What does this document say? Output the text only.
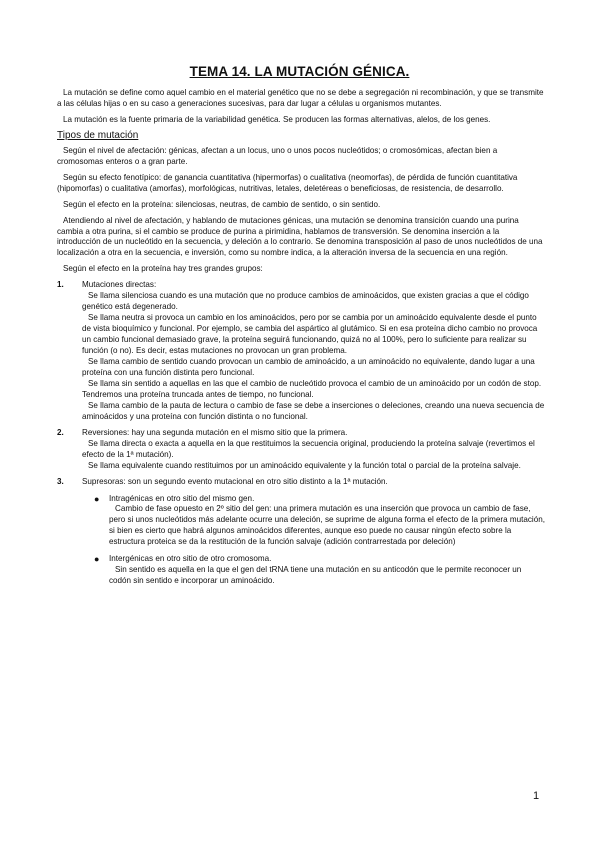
TEMA 14. LA MUTACIÓN GÉNICA.

La mutación se define como aquel cambio en el material genético que no se debe a segregación ni recombinación, y que se transmite a las células hijas o en su caso a generaciones sucesivas, para dar lugar a células u organismos mutantes.

La mutación es la fuente primaria de la variabilidad genética. Se producen las formas alternativas, alelos, de los genes.

Tipos de mutación

Según el nivel de afectación: génicas, afectan a un locus, uno o unos pocos nucleótidos; o cromosómicas, afectan bien a cromosomas enteros o a gran parte.

Según su efecto fenotípico: de ganancia cuantitativa (hipermorfas) o cualitativa (neomorfas), de pérdida de función cuantitativa (hipomorfas) o cualitativa (amorfas), morfológicas, nutritivas, letales, deletéreas o beneficiosas, de resistencia, de desarrollo.

Según el efecto en la proteína: silenciosas, neutras, de cambio de sentido, o sin sentido.

Atendiendo al nivel de afectación, y hablando de mutaciones génicas, una mutación se denomina transición cuando una purina cambia a otra purina, si el cambio se produce de purina a pirimidina, hablamos de transversión. Se denomina inserción a la introducción de un nucleótido en la secuencia, y deleción a lo contrario. Se denomina transposición al paso de unos nucleótidos de una localización a otra en la secuencia, e inversión, como su nombre indica, a la alteración inversa de la secuencia en una región.

Según el efecto en la proteína hay tres grandes grupos:

1. Mutaciones directas:
Se llama silenciosa cuando es una mutación que no produce cambios de aminoácidos, que existen gracias a que el código genético está degenerado.
Se llama neutra si provoca un cambio en los aminoácidos, pero por se cambia por un aminoácido equivalente desde el punto de vista bioquímico y funcional. Por ejemplo, se cambia del aspártico al glutámico. Si en esa proteína dicho cambio no provoca un cambio funcional demasiado grave, la proteína seguirá funcionando, quizá no al 100%, pero lo suficiente para realizar su función (o no). Es decir, estas mutaciones no provocan un gran problema.
Se llama cambio de sentido cuando provocan un cambio de aminoácido, a un aminoácido no equivalente, dando lugar a una proteína con una función distinta pero funcional.
Se llama sin sentido a aquellas en las que el cambio de nucleótido provoca el cambio de un aminoácido por un codón de stop. Tendremos una proteína truncada antes de tiempo, no funcional.
Se llama cambio de la pauta de lectura o cambio de fase se debe a inserciones o deleciones, creando una nueva secuencia de aminoácidos y una proteína con función distinta o no funcional.
2. Reversiones: hay una segunda mutación en el mismo sitio que la primera.
Se llama directa o exacta a aquella en la que restituimos la secuencia original, produciendo la proteína salvaje (revertimos el efecto de la 1ª mutación).
Se llama equivalente cuando restituimos por un aminoácido equivalente y la función total o parcial de la proteína salvaje.
3. Supresoras: son un segundo evento mutacional en otro sitio distinto a la 1ª mutación.
● Intragénicas en otro sitio del mismo gen.
Cambio de fase opuesto en 2º sitio del gen: una primera mutación es una inserción que provoca un cambio de fase, pero si unos nucleótidos más adelante ocurre una deleción, se suprime de alguna forma el efecto de la primera mutación, si bien es cierto que habrá algunos aminoácidos diferentes, aunque eso puede no causar ningún efecto sobre la estructura proteica se da la restitución de la función salvaje (adición contrarrestada por deleción)
● Intergénicas en otro sitio de otro cromosoma.
Sin sentido es aquella en la que el gen del tRNA tiene una mutación en su anticodón que le permite reconocer un codón sin sentido e incorporar un aminoácido.
1
